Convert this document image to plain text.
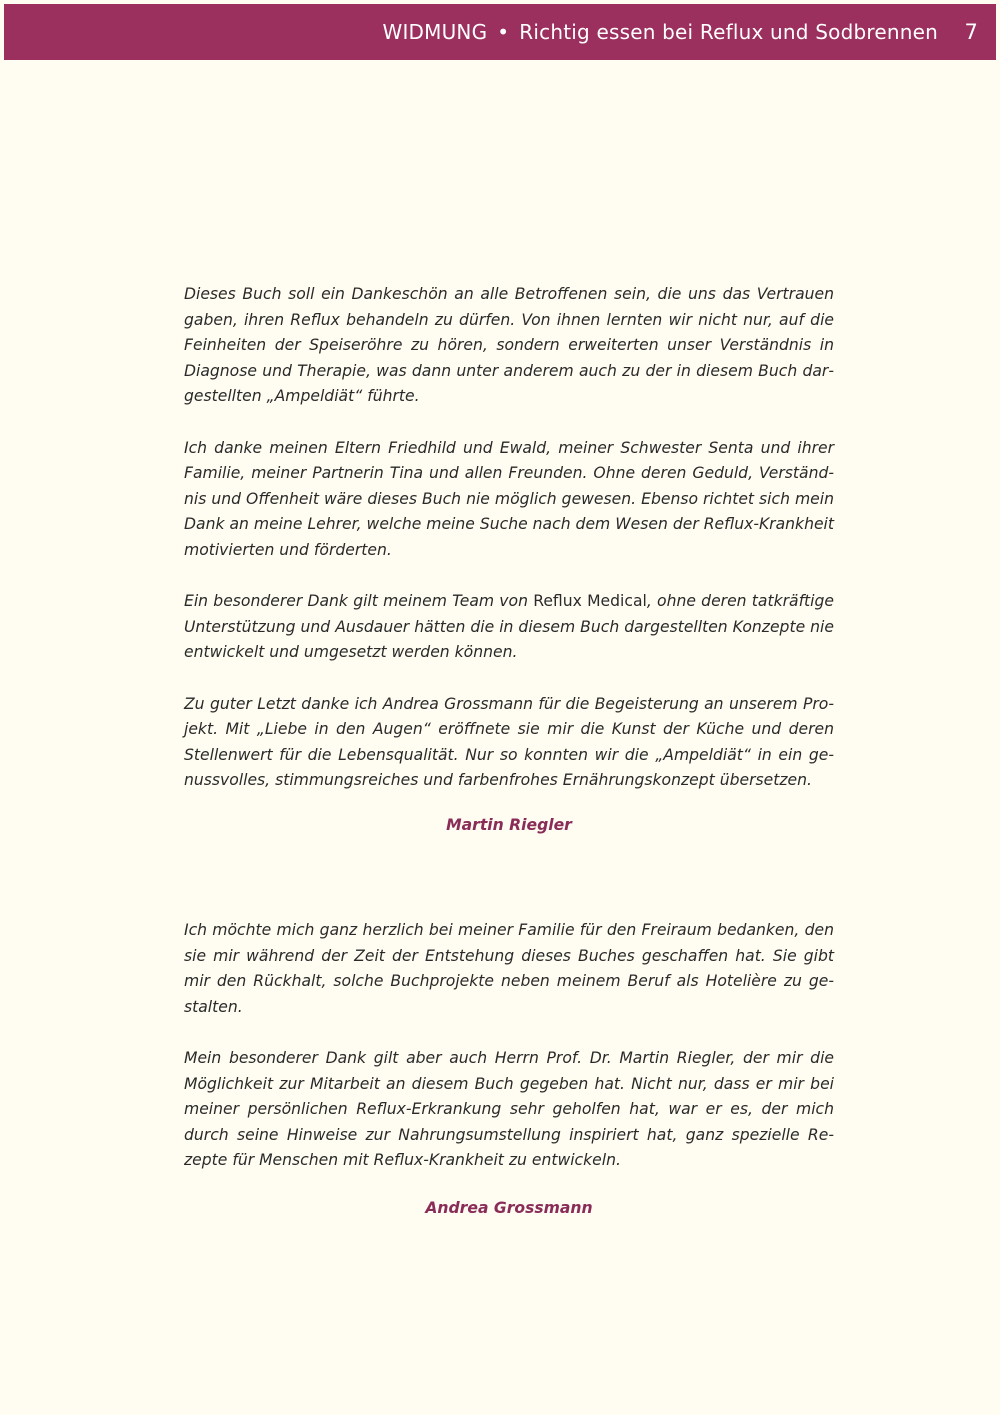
WIDMUNG • Richtig essen bei Reflux und Sodbrennen 7

Dieses Buch soll ein Dankeschön an alle Betroffenen sein, die uns das Vertrauen gaben, ihren Reflux behandeln zu dürfen. Von ihnen lernten wir nicht nur, auf die Feinheiten der Speiseröhre zu hören, sondern erweiterten unser Verständnis in Diagnose und Therapie, was dann unter anderem auch zu der in diesem Buch dargestellten „Ampeldiät“ führte.

Ich danke meinen Eltern Friedhild und Ewald, meiner Schwester Senta und ihrer Familie, meiner Partnerin Tina und allen Freunden. Ohne deren Geduld, Verständnis und Offenheit wäre dieses Buch nie möglich gewesen. Ebenso richtet sich mein Dank an meine Lehrer, welche meine Suche nach dem Wesen der Reflux-Krankheit motivierten und förderten.

Ein besonderer Dank gilt meinem Team von Reflux Medical, ohne deren tatkräftige Unterstützung und Ausdauer hätten die in diesem Buch dargestellten Konzepte nie entwickelt und umgesetzt werden können.

Zu guter Letzt danke ich Andrea Grossmann für die Begeisterung an unserem Projekt. Mit „Liebe in den Augen“ eröffnete sie mir die Kunst der Küche und deren Stellenwert für die Lebensqualität. Nur so konnten wir die „Ampeldiät“ in ein genussvolles, stimmungsreiches und farbenfrohes Ernährungskonzept übersetzen.

Martin Riegler

Ich möchte mich ganz herzlich bei meiner Familie für den Freiraum bedanken, den sie mir während der Zeit der Entstehung dieses Buches geschaffen hat. Sie gibt mir den Rückhalt, solche Buchprojekte neben meinem Beruf als Hotelière zu gestalten.

Mein besonderer Dank gilt aber auch Herrn Prof. Dr. Martin Riegler, der mir die Möglichkeit zur Mitarbeit an diesem Buch gegeben hat. Nicht nur, dass er mir bei meiner persönlichen Reflux-Erkrankung sehr geholfen hat, war er es, der mich durch seine Hinweise zur Nahrungsumstellung inspiriert hat, ganz spezielle Rezepte für Menschen mit Reflux-Krankheit zu entwickeln.

Andrea Grossmann
